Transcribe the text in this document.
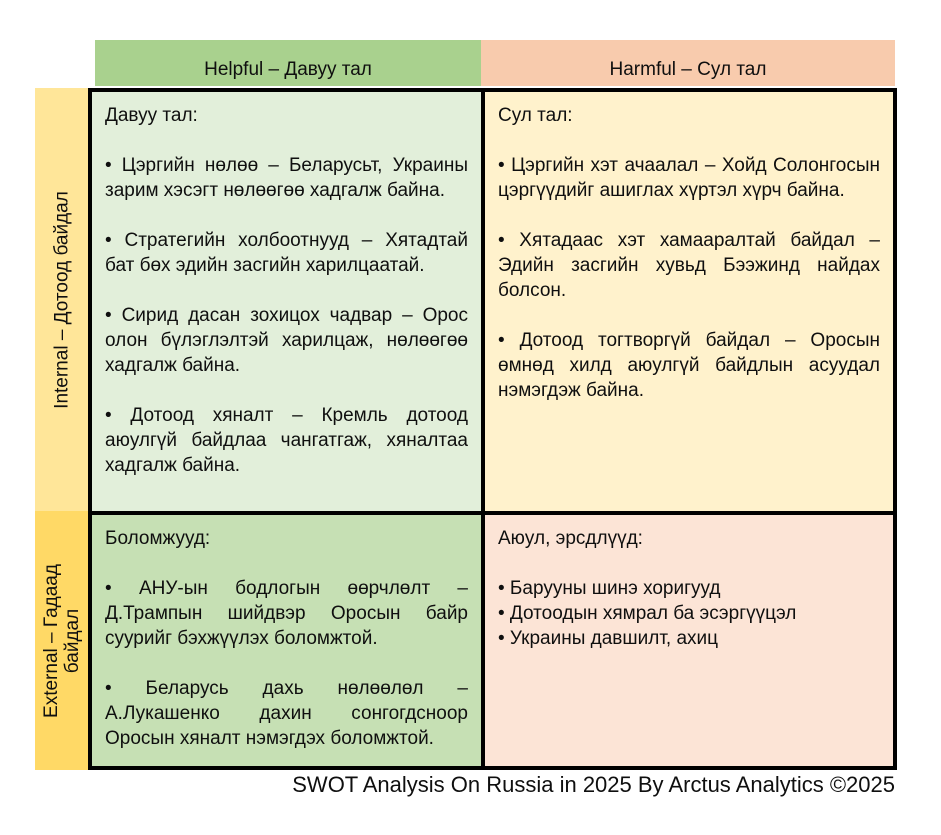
Helpful – Давуу тал	Harmful – Сул тал
Internal – Дотоод байдал
External – Гадаад байдал

Давуу тал:

• Цэргийн нөлөө – Беларусьт, Украины зарим хэсэгт нөлөөгөө хадгалж байна.

• Стратегийн холбоотнууд – Хятадтай бат бөх эдийн засгийн харилцаатай.

• Сирид дасан зохицох чадвар – Орос олон бүлэглэлтэй харилцаж, нөлөөгөө хадгалж байна.

• Дотоод хяналт – Кремль дотоод аюулгүй байдлаа чангатгаж, хяналтаа хадгалж байна.

Сул тал:

• Цэргийн хэт ачаалал – Хойд Солонгосын цэргүүдийг ашиглах хүртэл хүрч байна.

• Хятадаас хэт хамааралтай байдал – Эдийн засгийн хувьд Бээжинд найдах болсон.

• Дотоод тогтворгүй байдал – Оросын өмнөд хилд аюулгүй байдлын асуудал нэмэгдэж байна.

Боломжууд:

• АНУ-ын бодлогын өөрчлөлт – Д.Трампын шийдвэр Оросын байр суурийг бэхжүүлэх боломжтой.

• Беларусь дахь нөлөөлөл – А.Лукашенко дахин сонгогдсноор Оросын хяналт нэмэгдэх боломжтой.

Аюул, эрсдлүүд:

• Барууны шинэ хоригууд

• Дотоодын хямрал ба эсэргүүцэл

• Украины давшилт, ахиц

SWOT Analysis On Russia in 2025 By Arctus Analytics ©2025
